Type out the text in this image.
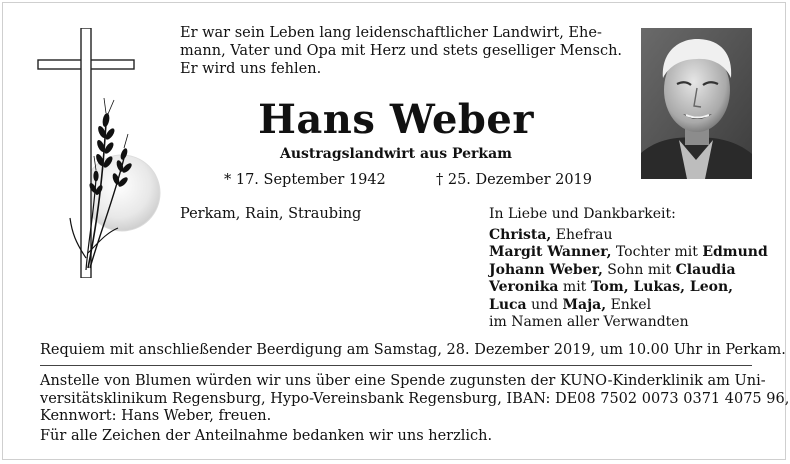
Er war sein Leben lang leidenschaftlicher Landwirt, Ehe-
mann, Vater und Opa mit Herz und stets geselliger Mensch.
Er wird uns fehlen.
Hans Weber
Austragslandwirt aus Perkam
* 17. September 1942	† 25. Dezember 2019
Perkam, Rain, Straubing	In Liebe und Dankbarkeit:
Christa, Ehefrau
Margit Wanner, Tochter mit Edmund
Johann Weber, Sohn mit Claudia
Veronika mit Tom, Lukas, Leon,
Luca und Maja, Enkel
im Namen aller Verwandten
Requiem mit anschließender Beerdigung am Samstag, 28. Dezember 2019, um 10.00 Uhr in Perkam.
Anstelle von Blumen würden wir uns über eine Spende zugunsten der KUNO-Kinderklinik am Uni-
versitätsklinikum Regensburg, Hypo-Vereinsbank Regensburg, IBAN: DE08 7502 0073 0371 4075 96,
Kennwort: Hans Weber, freuen.
Für alle Zeichen der Anteilnahme bedanken wir uns herzlich.
